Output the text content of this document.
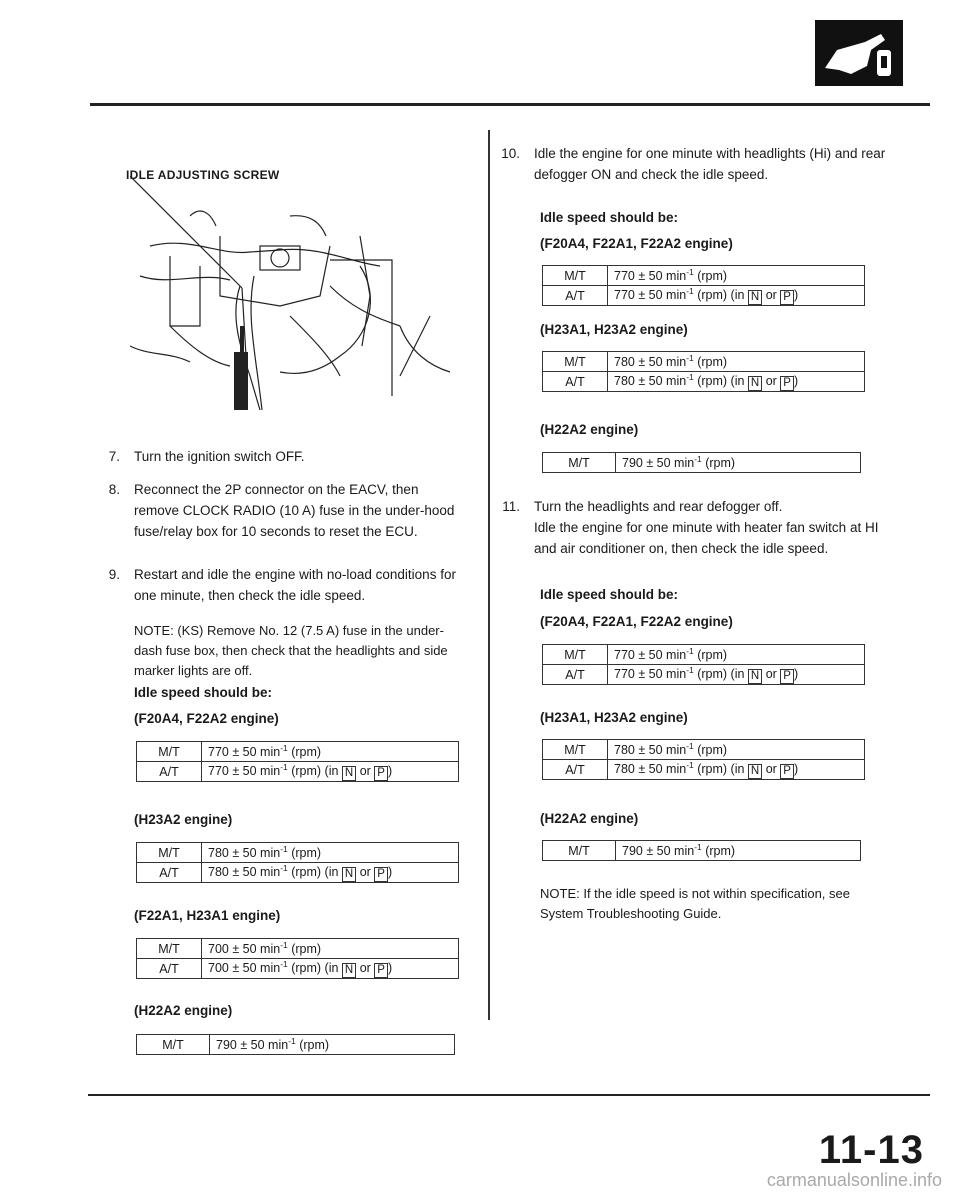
IDLE ADJUSTING SCREW
7. Turn the ignition switch OFF.
8. Reconnect the 2P connector on the EACV, then remove CLOCK RADIO (10 A) fuse in the under-hood fuse/relay box for 10 seconds to reset the ECU.
9. Restart and idle the engine with no-load conditions for one minute, then check the idle speed.
NOTE: (KS) Remove No. 12 (7.5 A) fuse in the under-dash fuse box, then check that the headlights and side marker lights are off.
Idle speed should be:
(F20A4, F22A2 engine)
M/T	770 ± 50 $\min^{-1} (rpm)$
A/T	770 ± 50 $\min^{-1} (rpm)$ (in N or P )
(H23A2 engine)
M/T	780 ± 50 $\min^{-1} (rpm)$
A/T	780 ± 50 $\min^{-1} (rpm)$ (in N or P )
(F22A1, H23A1 engine)
M/T	700 ± 50 $\min^{-1} (rpm)$
A/T	700 ± 50 $\min^{-1} (rpm)$ (in N or P )
(H22A2 engine)
M/T	790 ± 50 $\min^{-1} (rpm)$
10. Idle the engine for one minute with headlights (Hi) and rear defogger ON and check the idle speed.
Idle speed should be:
(F20A4, F22A1, F22A2 engine)
M/T	770 ± 50 $\min^{-1} (rpm)$
A/T	770 ± 50 $\min^{-1} (rpm)$ (in N or P )
(H23A1, H23A2 engine)
M/T	780 ± 50 $\min^{-1} (rpm)$
A/T	780 ± 50 $\min^{-1} (rpm)$ (in N or P )
(H22A2 engine)
M/T	790 ± 50 $\min^{-1} (rpm)$
11. Turn the headlights and rear defogger off.
Idle the engine for one minute with heater fan switch at HI and air conditioner on, then check the idle speed.
Idle speed should be:
(F20A4, F22A1, F22A2 engine)
M/T	770 ± 50 $\min^{-1} (rpm)$
A/T	770 ± 50 $\min^{-1} (rpm)$ (in N or P )
(H23A1, H23A2 engine)
M/T	780 ± 50 $\min^{-1} (rpm)$
A/T	780 ± 50 $\min^{-1} (rpm)$ (in N or P )
(H22A2 engine)
M/T	790 ± 50 $\min^{-1} (rpm)$
NOTE: If the idle speed is not within specification, see System Troubleshooting Guide.
11-13
carmanualsonline.info
